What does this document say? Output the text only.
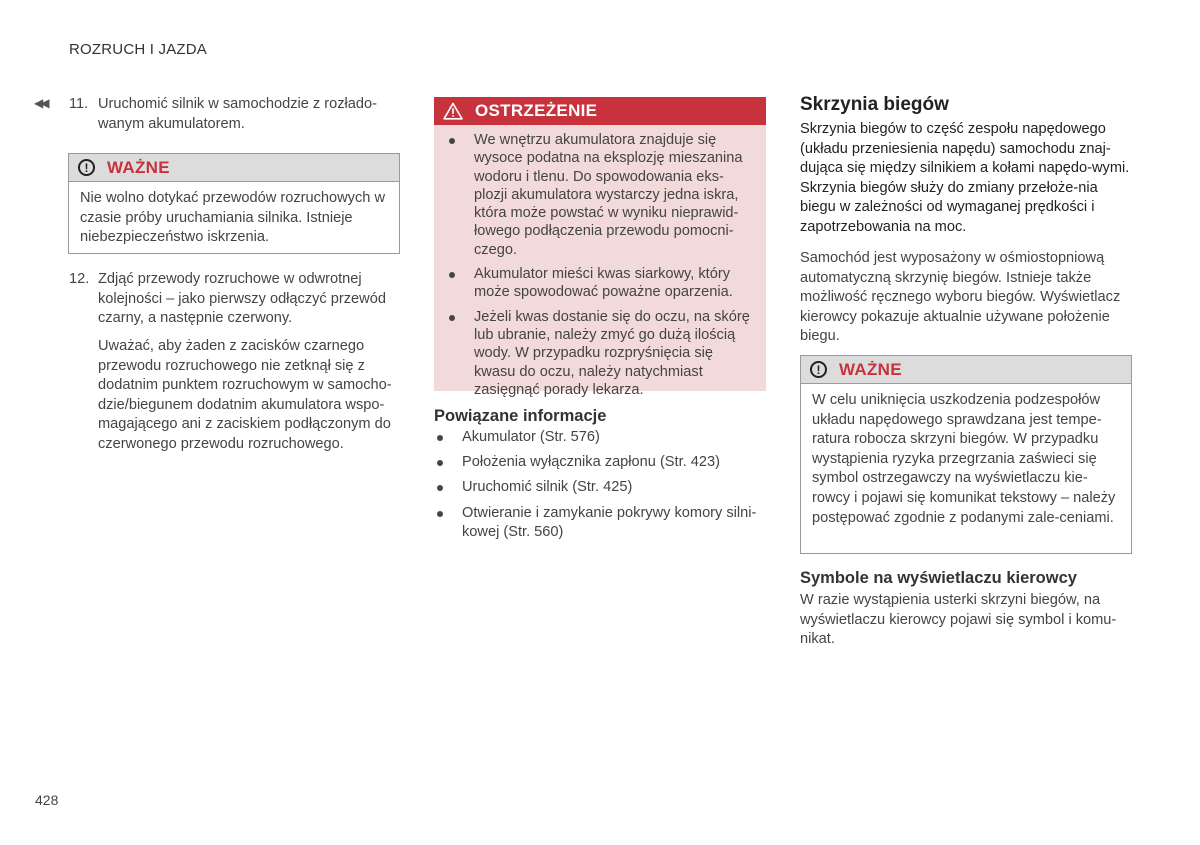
ROZRUCH I JAZDA
◀◀ 11. Uruchomić silnik w samochodzie z rozłado-wanym akumulatorem.
!	WAŻNE
Nie wolno dotykać przewodów rozruchowych w czasie próby uruchamiania silnika. Istnieje niebezpieczeństwo iskrzenia.
12. Zdjąć przewody rozruchowe w odwrotnej kolejności – jako pierwszy odłączyć przewód czarny, a następnie czerwony.
Uważać, aby żaden z zacisków czarnego przewodu rozruchowego nie zetknął się z dodatnim punktem rozruchowym w samocho-dzie/biegunem dodatnim akumulatora wspo-magającego ani z zaciskiem podłączonym do czerwonego przewodu rozruchowego.
OSTRZEŻENIE
We wnętrzu akumulatora znajduje się wysoce podatna na eksplozję mieszanina wodoru i tlenu. Do spowodowania eks-plozji akumulatora wystarczy jedna iskra, która może powstać w wyniku nieprawid-łowego podłączenia przewodu pomocni-czego.
Akumulator mieści kwas siarkowy, który może spowodować poważne oparzenia.
Jeżeli kwas dostanie się do oczu, na skórę lub ubranie, należy zmyć go dużą ilością wody. W przypadku rozpryśnięcia się kwasu do oczu, należy natychmiast zasięgnąć porady lekarza.
Powiązane informacje
Akumulator (Str. 576)
Położenia wyłącznika zapłonu (Str. 423)
Uruchomić silnik (Str. 425)
Otwieranie i zamykanie pokrywy komory silni-kowej (Str. 560)
Skrzynia biegów
Skrzynia biegów to część zespołu napędowego (układu przeniesienia napędu) samochodu znaj-dująca się między silnikiem a kołami napędo-wymi. Skrzynia biegów służy do zmiany przełoże-nia biegu w zależności od wymaganej prędkości i zapotrzebowania na moc.
Samochód jest wyposażony w ośmiostopniową automatyczną skrzynię biegów. Istnieje także możliwość ręcznego wyboru biegów. Wyświetlacz kierowcy pokazuje aktualnie używane położenie biegu.
!	WAŻNE
W celu uniknięcia uszkodzenia podzespołów układu napędowego sprawdzana jest tempe-ratura robocza skrzyni biegów. W przypadku wystąpienia ryzyka przegrzania zaświeci się symbol ostrzegawczy na wyświetlaczu kie-rowcy i pojawi się komunikat tekstowy – należy postępować zgodnie z podanymi zale-ceniami.
Symbole na wyświetlaczu kierowcy
W razie wystąpienia usterki skrzyni biegów, na wyświetlaczu kierowcy pojawi się symbol i komu-nikat.
428
